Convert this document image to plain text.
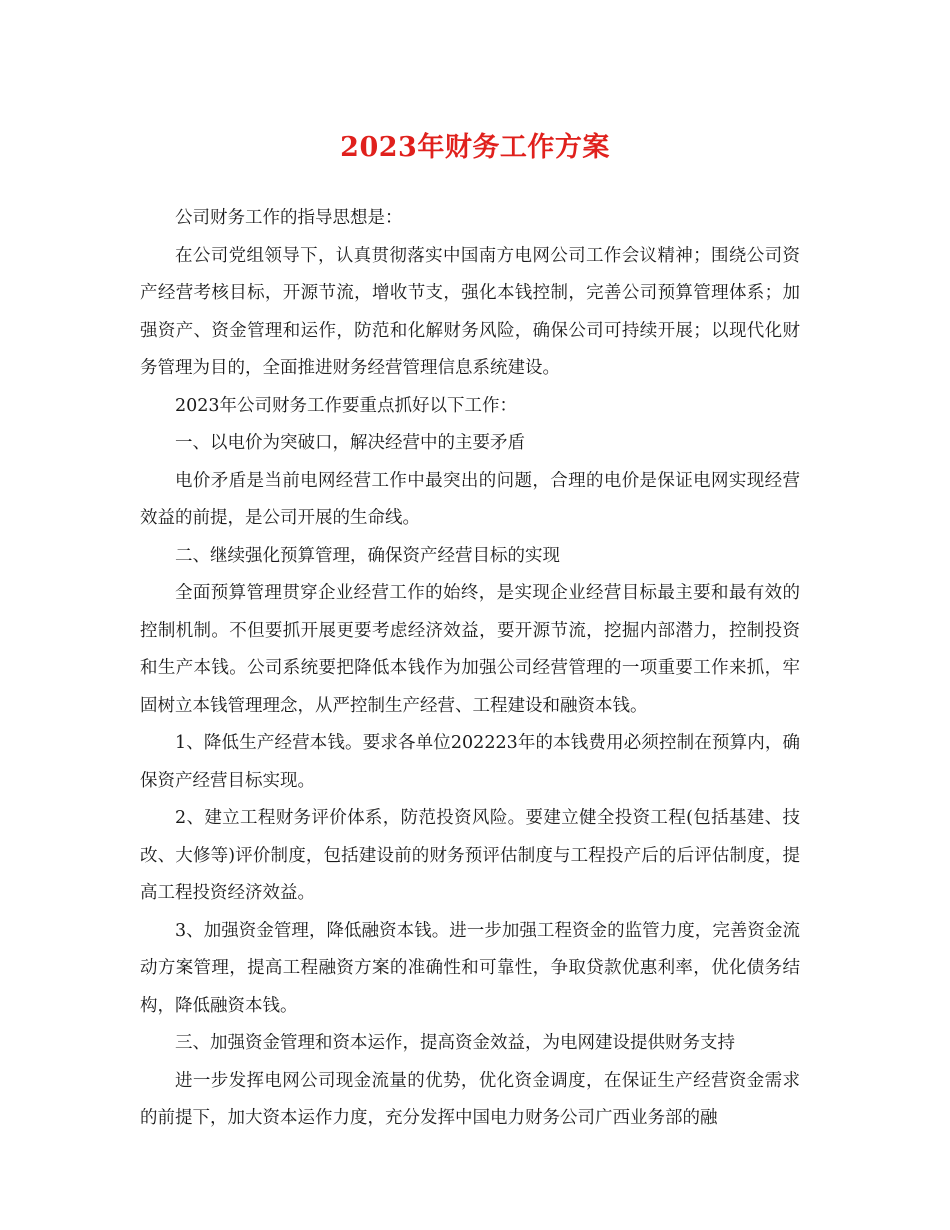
2023年财务工作方案

公司财务工作的指导思想是：

在公司党组领导下，认真贯彻落实中国南方电网公司工作会议精神；围绕公司资产经营考核目标，开源节流，增收节支，强化本钱控制，完善公司预算管理体系；加强资产、资金管理和运作，防范和化解财务风险，确保公司可持续开展；以现代化财务管理为目的，全面推进财务经营管理信息系统建设。

2023年公司财务工作要重点抓好以下工作：

一、以电价为突破口，解决经营中的主要矛盾

电价矛盾是当前电网经营工作中最突出的问题，合理的电价是保证电网实现经营效益的前提，是公司开展的生命线。

二、继续强化预算管理，确保资产经营目标的实现

全面预算管理贯穿企业经营工作的始终，是实现企业经营目标最主要和最有效的控制机制。不但要抓开展更要考虑经济效益，要开源节流，挖掘内部潜力，控制投资和生产本钱。公司系统要把降低本钱作为加强公司经营管理的一项重要工作来抓，牢固树立本钱管理理念，从严控制生产经营、工程建设和融资本钱。

1、降低生产经营本钱。要求各单位202223年的本钱费用必须控制在预算内，确保资产经营目标实现。

2、建立工程财务评价体系，防范投资风险。要建立健全投资工程(包括基建、技改、大修等)评价制度，包括建设前的财务预评估制度与工程投产后的后评估制度，提高工程投资经济效益。

3、加强资金管理，降低融资本钱。进一步加强工程资金的监管力度，完善资金流动方案管理，提高工程融资方案的准确性和可靠性，争取贷款优惠利率，优化债务结构，降低融资本钱。

三、加强资金管理和资本运作，提高资金效益，为电网建设提供财务支持

进一步发挥电网公司现金流量的优势，优化资金调度，在保证生产经营资金需求的前提下，加大资本运作力度，充分发挥中国电力财务公司广西业务部的融
